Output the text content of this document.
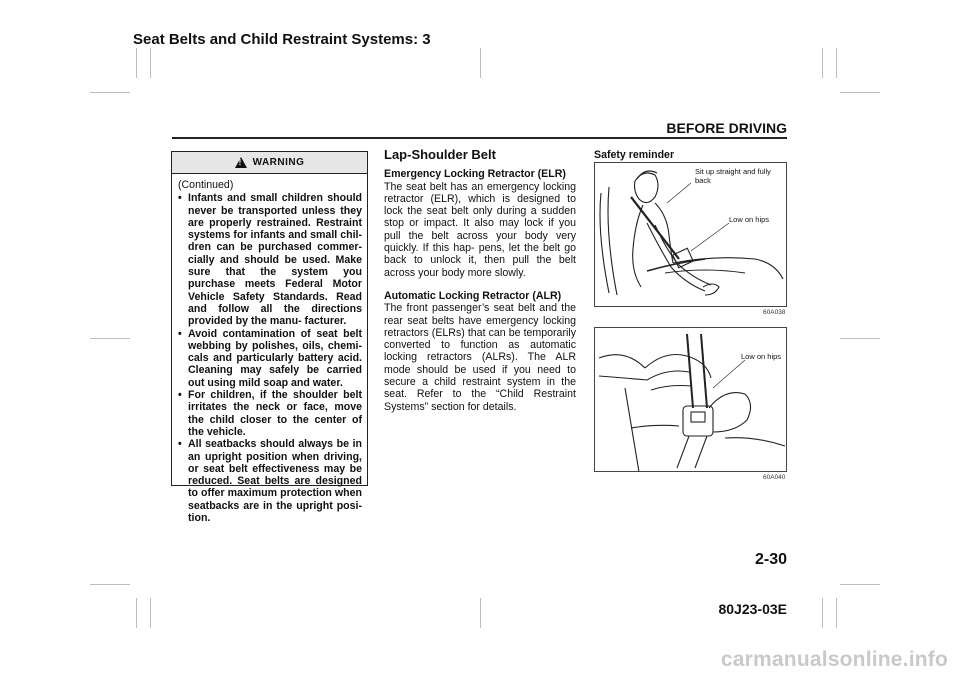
Seat Belts and Child Restraint Systems: 3
BEFORE DRIVING
!
WARNING
(Continued)
• Infants and small children should never be transported unless they are properly restrained. Restraint systems for infants and small chil- dren can be purchased commer- cially and should be used. Make sure that the system you purchase meets Federal Motor Vehicle Safety Standards. Read and follow all the directions provided by the manu- facturer.
• Avoid contamination of seat belt webbing by polishes, oils, chemi- cals and particularly battery acid. Cleaning may safely be carried out using mild soap and water.
• For children, if the shoulder belt irritates the neck or face, move the child closer to the center of the vehicle.
• All seatbacks should always be in an upright position when driving, or seat belt effectiveness may be reduced. Seat belts are designed to offer maximum protection when seatbacks are in the upright posi- tion.
Lap-Shoulder Belt
Emergency Locking Retractor (ELR)

The seat belt has an emergency locking retractor (ELR), which is designed to lock the seat belt only during a sudden stop or impact. It also may lock if you pull the belt across your body very quickly. If this hap- pens, let the belt go back to unlock it, then pull the belt across your body more slowly.

Automatic Locking Retractor (ALR)

The front passenger’s seat belt and the rear seat belts have emergency locking retractors (ELRs) that can be temporarily converted to function as automatic locking retractors (ALRs). The ALR mode should be used if you need to secure a child restraint system in the seat. Refer to the “Child Restraint Systems” section for details.

Safety reminder
Sit up straight and fully back
Low on hips
60A038
Low on hips
60A040
2-30
80J23-03E
carmanualsonline.info
